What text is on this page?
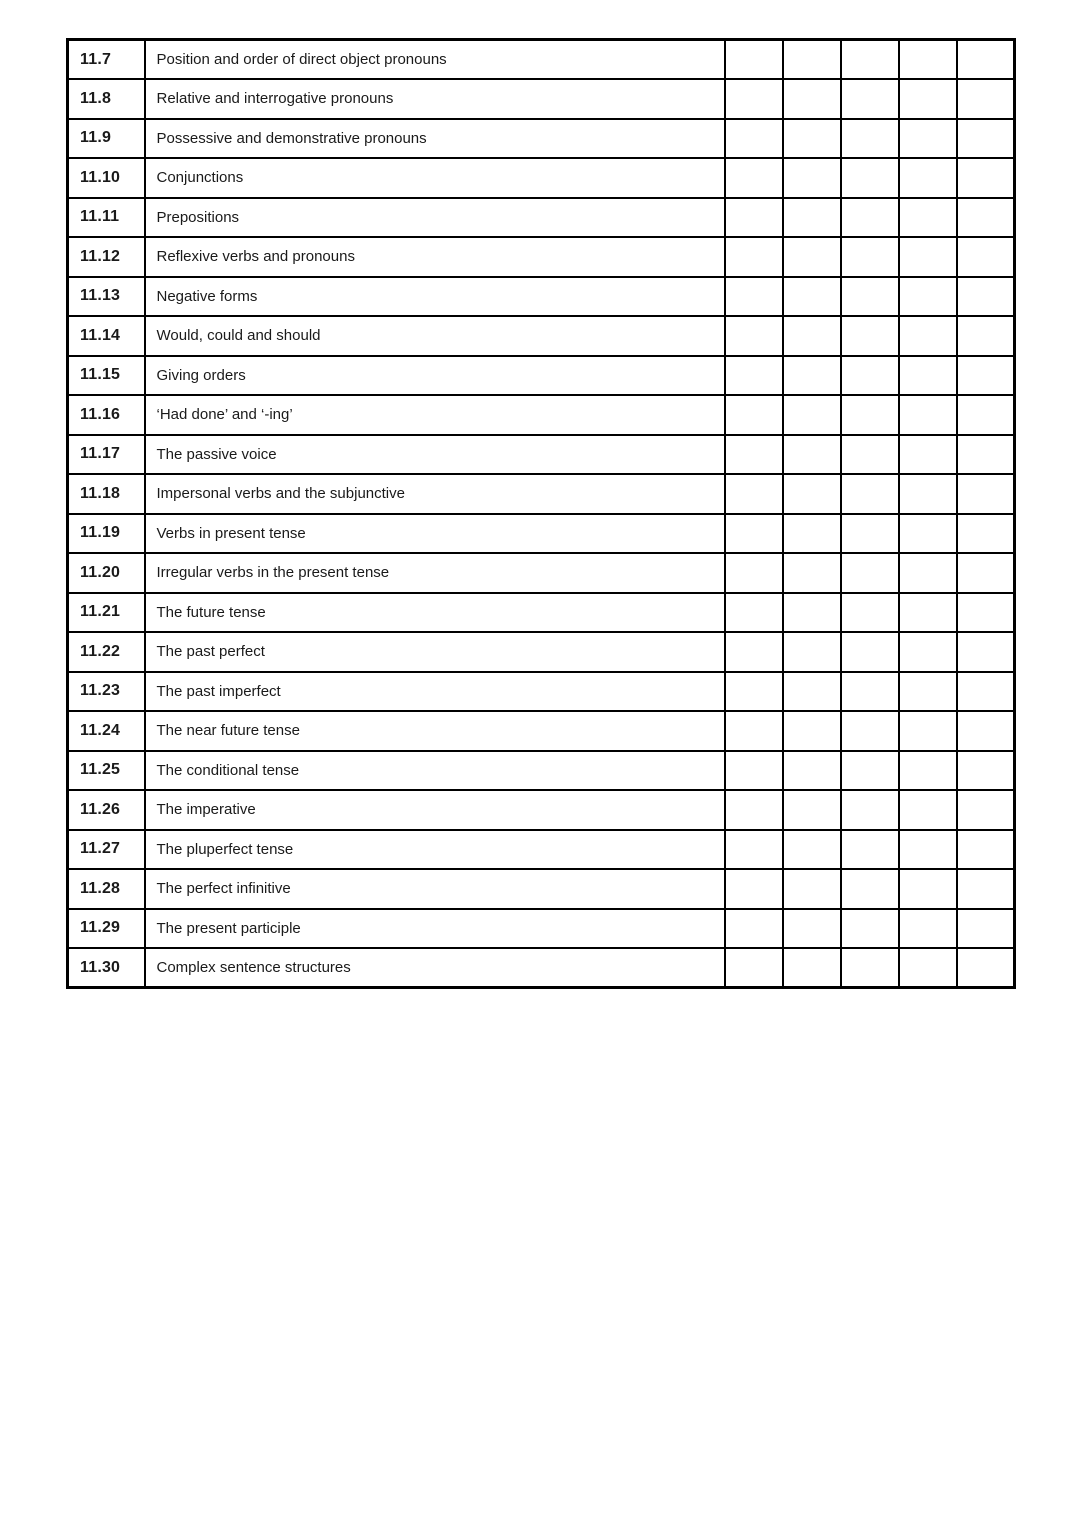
11.7	Position and order of direct object pronouns					
11.8	Relative and interrogative pronouns					
11.9	Possessive and demonstrative pronouns					
11.10	Conjunctions					
11.11	Prepositions					
11.12	Reflexive verbs and pronouns					
11.13	Negative forms					
11.14	Would, could and should					
11.15	Giving orders					
11.16	‘Had done’ and ‘-ing’					
11.17	The passive voice					
11.18	Impersonal verbs and the subjunctive					
11.19	Verbs in present tense					
11.20	Irregular verbs in the present tense					
11.21	The future tense					
11.22	The past perfect					
11.23	The past imperfect					
11.24	The near future tense					
11.25	The conditional tense					
11.26	The imperative					
11.27	The pluperfect tense					
11.28	The perfect infinitive					
11.29	The present participle					
11.30	Complex sentence structures					
